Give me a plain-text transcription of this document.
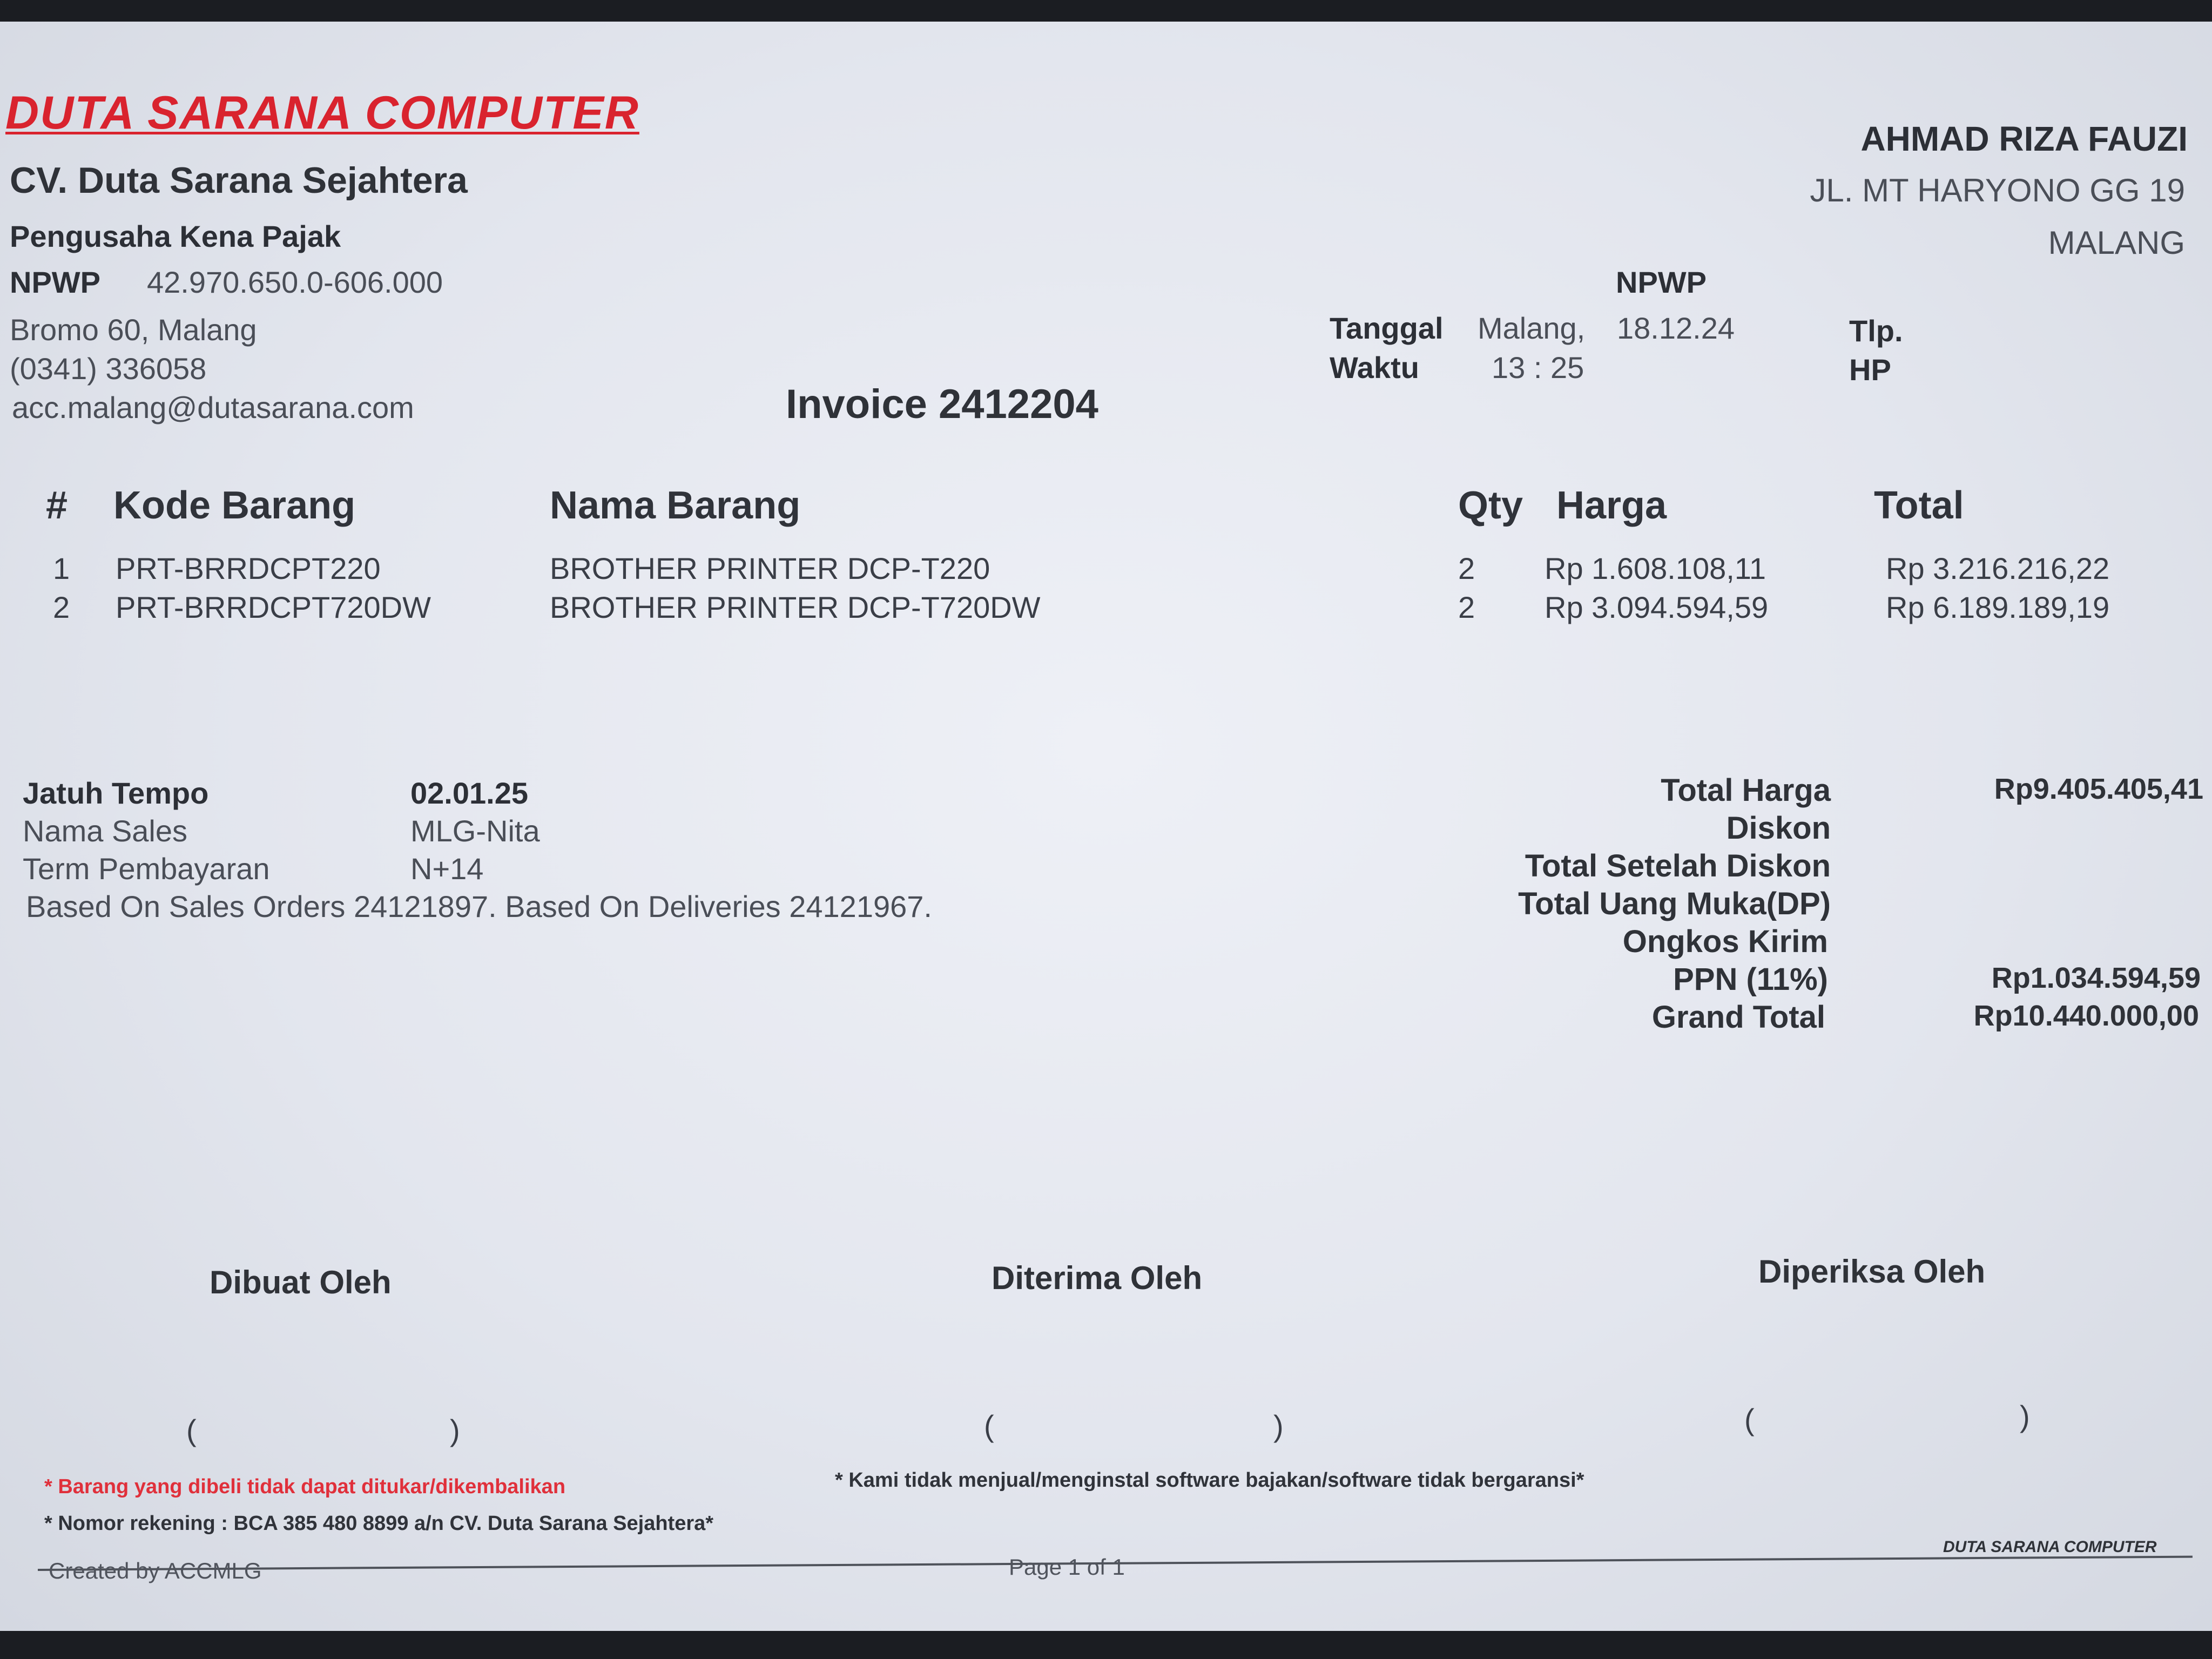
DUTA SARANA COMPUTER
CV. Duta Sarana Sejahtera
Pengusaha Kena Pajak
NPWP 42.970.650.0-606.000
Bromo 60, Malang
(0341) 336058
acc.malang@dutasarana.com
AHMAD RIZA FAUZI
JL. MT HARYONO GG 19
MALANG
NPWP
Tanggal Malang, 18.12.24
Waktu 13 : 25
Tlp.
HP
Invoice 2412204
# Kode Barang	Nama Barang	Qty Harga	Total
1 PRT-BRRDCPT220	BROTHER PRINTER DCP-T220	2 Rp 1.608.108,11	Rp 3.216.216,22
2 PRT-BRRDCPT720DW	BROTHER PRINTER DCP-T720DW	2 Rp 3.094.594,59	Rp 6.189.189,19
Jatuh Tempo	02.01.25
Nama Sales	MLG-Nita
Term Pembayaran	N+14
Based On Sales Orders 24121897. Based On Deliveries 24121967.
Total Harga	Rp9.405.405,41
Diskon
Total Setelah Diskon
Total Uang Muka(DP)
Ongkos Kirim
PPN (11%)	Rp1.034.594,59
Grand Total	Rp10.440.000,00
Dibuat Oleh	Diterima Oleh	Diperiksa Oleh
(	)	(	)	(	)
* Barang yang dibeli tidak dapat ditukar/dikembalikan	* Kami tidak menjual/menginstal software bajakan/software tidak bergaransi*
* Nomor rekening : BCA 385 480 8899 a/n CV. Duta Sarana Sejahtera*
Created by ACCMLG	Page 1 of 1
DUTA SARANA COMPUTER
